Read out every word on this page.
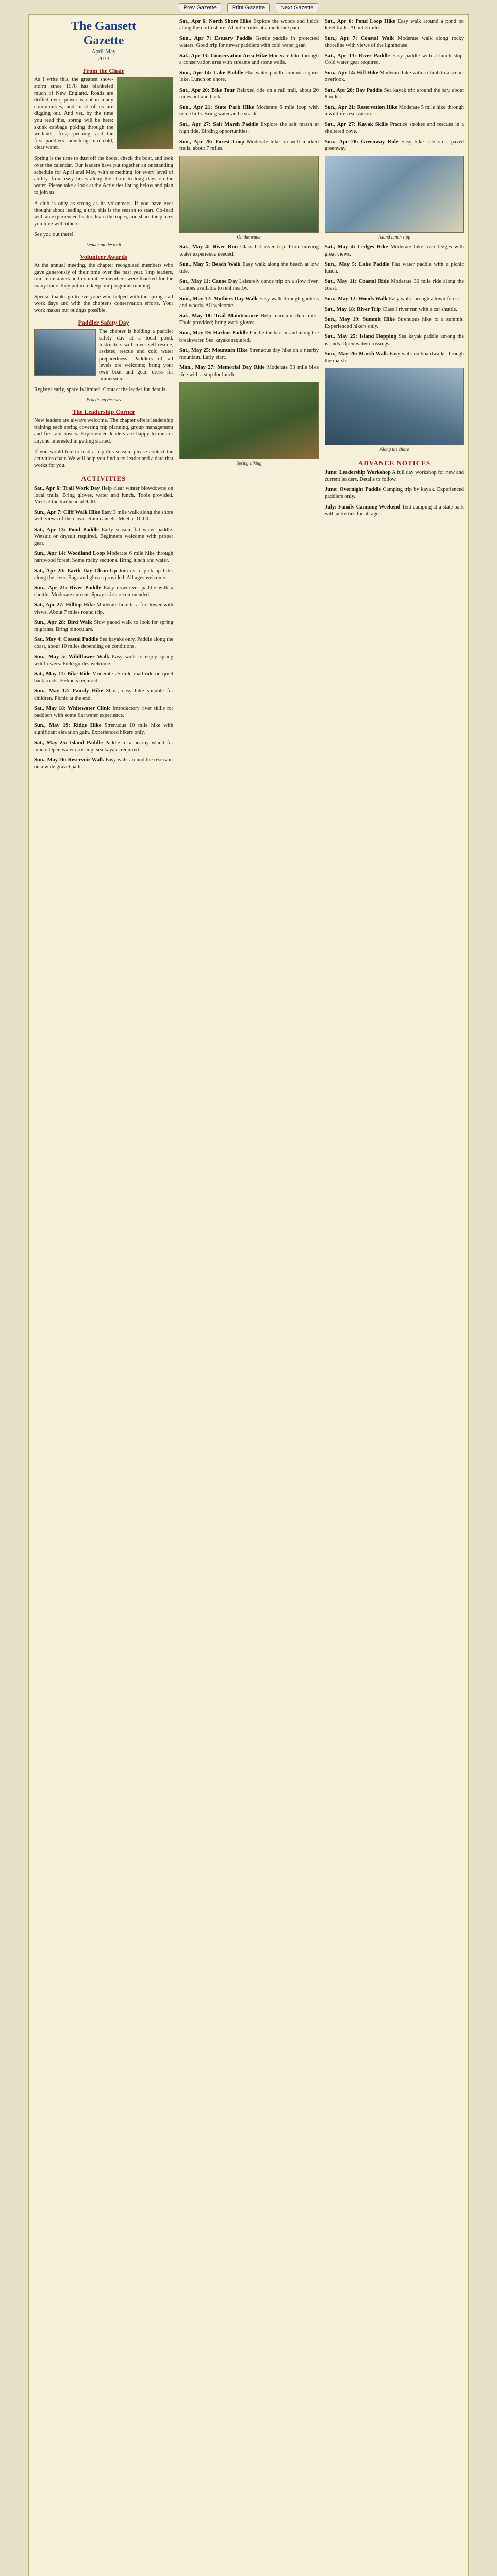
Prev Gazette	Print Gazette	Next Gazette
The Gansett
Gazette
April-May
2013
From the Chair

As I write this, the greatest snow-storm since 1978 has blanketed much of New England. Roads are drifted over, power is out in many communities, and most of us are digging out. And yet, by the time you read this, spring will be here: skunk cabbage poking through the wetlands, frogs peeping, and the first paddlers launching into cold, clear water.

Spring is the time to dust off the boots, check the boat, and look over the calendar. Our leaders have put together an outstanding schedule for April and May, with something for every level of ability, from easy hikes along the shore to long days on the water. Please take a look at the Activities listing below and plan to join us.

A club is only as strong as its volunteers. If you have ever thought about leading a trip, this is the season to start. Co-lead with an experienced leader, learn the ropes, and share the places you love with others.

See you out there!

Leader on the trail
Volunteer Awards

At the annual meeting, the chapter recognized members who gave generously of their time over the past year. Trip leaders, trail maintainers and committee members were thanked for the many hours they put in to keep our programs running.

Special thanks go to everyone who helped with the spring trail work days and with the chapter's conservation efforts. Your work makes our outings possible.

Paddler Safety Day

The chapter is holding a paddler safety day at a local pond. Instructors will cover self rescue, assisted rescue and cold water preparedness. Paddlers of all levels are welcome; bring your own boat and gear, dress for immersion.

Register early, space is limited. Contact the leader for details.

Practicing rescues
The Leadership Corner

New leaders are always welcome. The chapter offers leadership training each spring covering trip planning, group management and first aid basics. Experienced leaders are happy to mentor anyone interested in getting started.

If you would like to lead a trip this season, please contact the activities chair. We will help you find a co-leader and a date that works for you.

ACTIVITIES

Sat., Apr 6: Trail Work Day Help clear winter blowdowns on local trails. Bring gloves, water and lunch. Tools provided. Meet at the trailhead at 9:00.

Sun., Apr 7: Cliff Walk Hike Easy 3 mile walk along the shore with views of the ocean. Rain cancels. Meet at 10:00.

Sat., Apr 13: Pond Paddle Early season flat water paddle. Wetsuit or drysuit required. Beginners welcome with proper gear.

Sun., Apr 14: Woodland Loop Moderate 6 mile hike through hardwood forest. Some rocky sections. Bring lunch and water.

Sat., Apr 20: Earth Day Clean-Up Join us to pick up litter along the river. Bags and gloves provided. All ages welcome.

Sun., Apr 21: River Paddle Easy downriver paddle with a shuttle. Moderate current. Spray skirts recommended.

Sat., Apr 27: Hilltop Hike Moderate hike to a fire tower with views. About 7 miles round trip.

Sun., Apr 28: Bird Walk Slow paced walk to look for spring migrants. Bring binoculars.

Sat., May 4: Coastal Paddle Sea kayaks only. Paddle along the coast, about 10 miles depending on conditions.

Sun., May 5: Wildflower Walk Easy walk to enjoy spring wildflowers. Field guides welcome.

Sat., May 11: Bike Ride Moderate 25 mile road ride on quiet back roads. Helmets required.

Sun., May 12: Family Hike Short, easy hike suitable for children. Picnic at the end.

Sat., May 18: Whitewater Clinic Introductory river skills for paddlers with some flat water experience.

Sun., May 19: Ridge Hike Strenuous 10 mile hike with significant elevation gain. Experienced hikers only.

Sat., May 25: Island Paddle Paddle to a nearby island for lunch. Open water crossing; sea kayaks required.

Sun., May 26: Reservoir Walk Easy walk around the reservoir on a wide gravel path.

Sat., Apr 6: North Shore Hike Explore the woods and fields along the north shore. About 5 miles at a moderate pace.

Sun., Apr 7: Estuary Paddle Gentle paddle in protected waters. Good trip for newer paddlers with cold water gear.

Sat., Apr 13: Conservation Area Hike Moderate hike through a conservation area with streams and stone walls.

Sun., Apr 14: Lake Paddle Flat water paddle around a quiet lake. Lunch on shore.

Sat., Apr 20: Bike Tour Relaxed ride on a rail trail, about 20 miles out and back.

Sun., Apr 21: State Park Hike Moderate 6 mile loop with some hills. Bring water and a snack.

Sat., Apr 27: Salt Marsh Paddle Explore the salt marsh at high tide. Birding opportunities.

Sun., Apr 28: Forest Loop Moderate hike on well marked trails, about 7 miles.

On the water

Sat., May 4: River Run Class I-II river trip. Prior moving water experience needed.

Sun., May 5: Beach Walk Easy walk along the beach at low tide.

Sat., May 11: Canoe Day Leisurely canoe trip on a slow river. Canoes available to rent nearby.

Sun., May 12: Mothers Day Walk Easy walk through gardens and woods. All welcome.

Sat., May 18: Trail Maintenance Help maintain club trails. Tools provided; bring work gloves.

Sun., May 19: Harbor Paddle Paddle the harbor and along the breakwater. Sea kayaks required.

Sat., May 25: Mountain Hike Strenuous day hike on a nearby mountain. Early start.

Mon., May 27: Memorial Day Ride Moderate 30 mile bike ride with a stop for lunch.

Spring hiking

Sat., Apr 6: Pond Loop Hike Easy walk around a pond on level trails. About 3 miles.

Sun., Apr 7: Coastal Walk Moderate walk along rocky shoreline with views of the lighthouse.

Sat., Apr 13: River Paddle Easy paddle with a lunch stop. Cold water gear required.

Sun., Apr 14: Hill Hike Moderate hike with a climb to a scenic overlook.

Sat., Apr 20: Bay Paddle Sea kayak trip around the bay, about 8 miles.

Sun., Apr 21: Reservation Hike Moderate 5 mile hike through a wildlife reservation.

Sat., Apr 27: Kayak Skills Practice strokes and rescues in a sheltered cove.

Sun., Apr 28: Greenway Ride Easy bike ride on a paved greenway.

Island lunch stop

Sat., May 4: Ledges Hike Moderate hike over ledges with great views.

Sun., May 5: Lake Paddle Flat water paddle with a picnic lunch.

Sat., May 11: Coastal Ride Moderate 30 mile ride along the coast.

Sun., May 12: Woods Walk Easy walk through a town forest.

Sat., May 18: River Trip Class I river run with a car shuttle.

Sun., May 19: Summit Hike Strenuous hike to a summit. Experienced hikers only.

Sat., May 25: Island Hopping Sea kayak paddle among the islands. Open water crossings.

Sun., May 26: Marsh Walk Easy walk on boardwalks through the marsh.

Along the shore
ADVANCE NOTICES

June: Leadership Workshop A full day workshop for new and current leaders. Details to follow.

June: Overnight Paddle Camping trip by kayak. Experienced paddlers only.

July: Family Camping Weekend Tent camping at a state park with activities for all ages.
